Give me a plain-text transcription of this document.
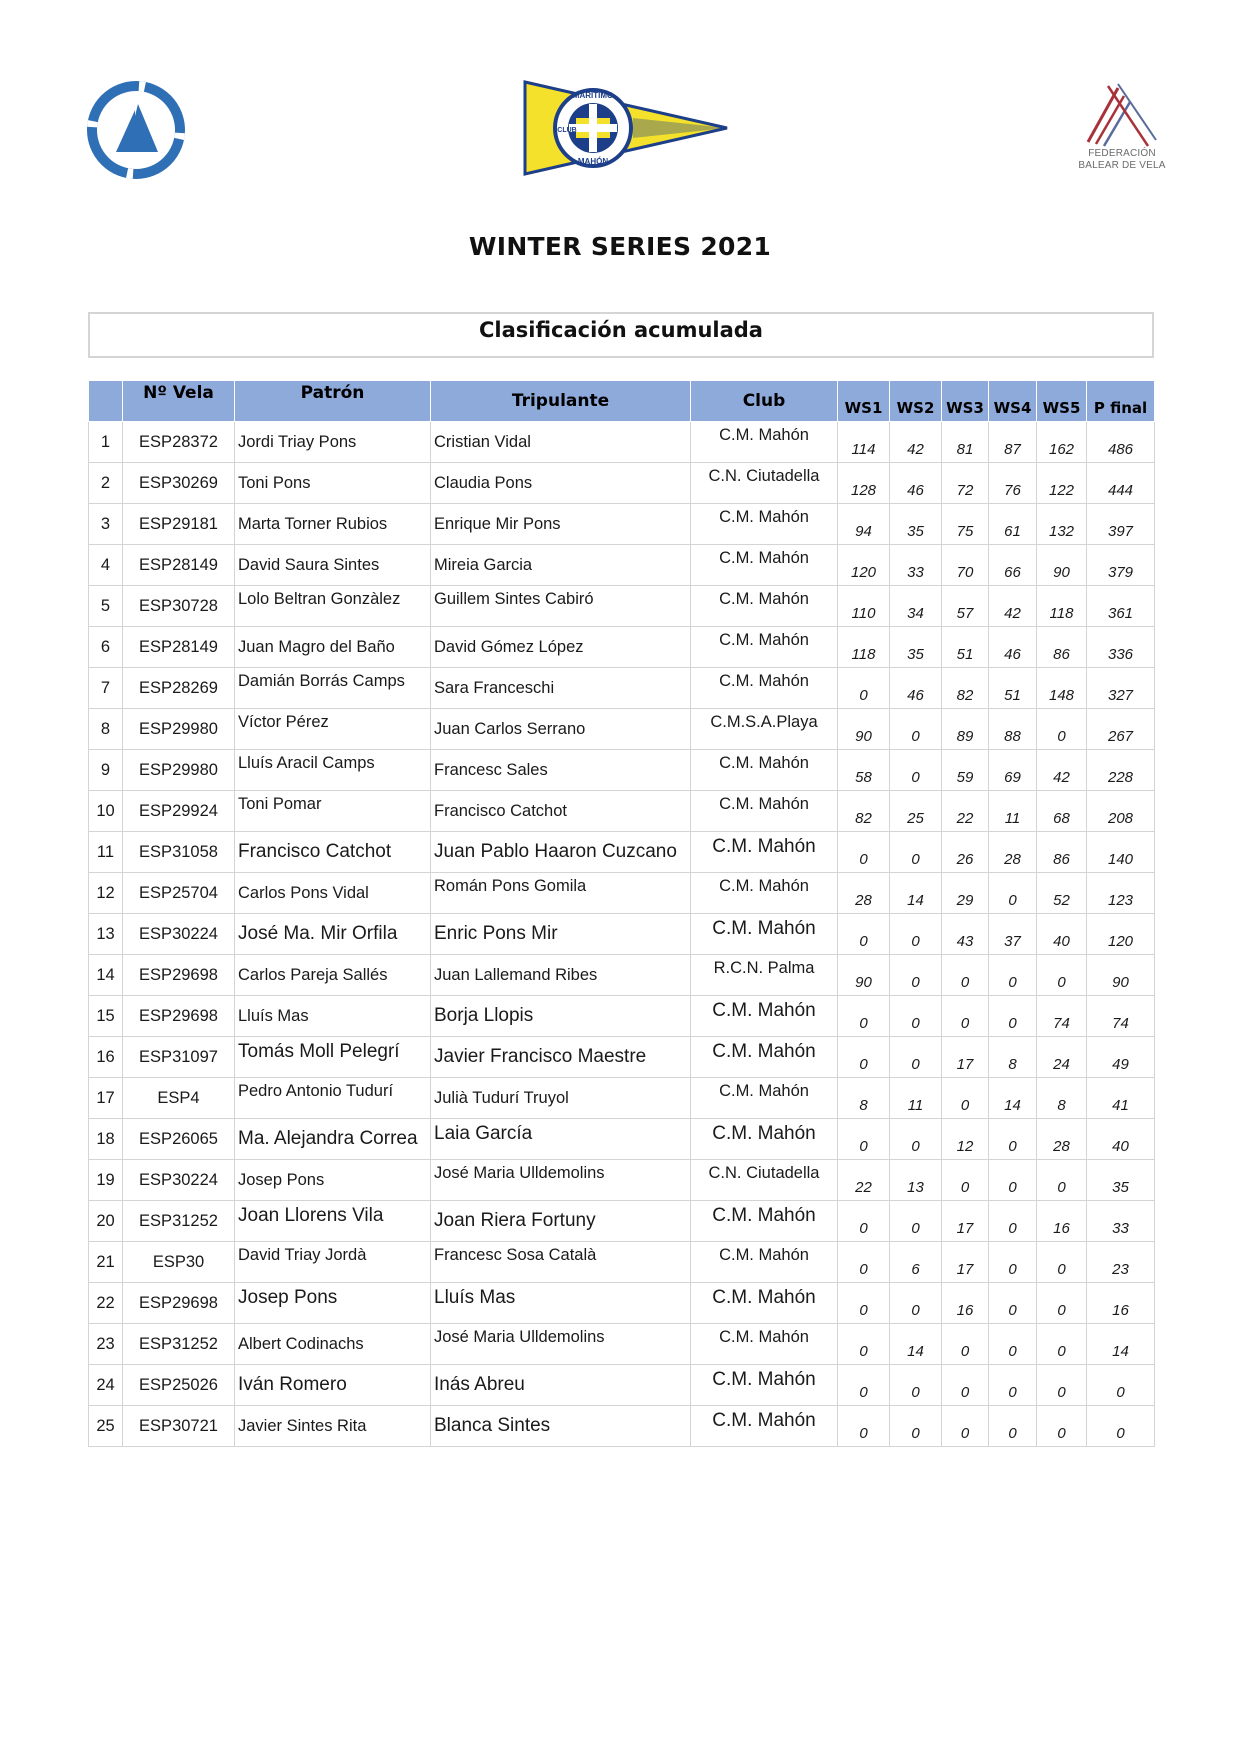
MARÍTIMO
CLUB
MAHÓN
FEDERACIÓN
BALEAR DE VELA
WINTER SERIES 2021
Clasificación acumulada
	Nº Vela	Patrón	Tripulante	Club	WS1	WS2	WS3	WS4	WS5	P final
1	ESP28372	Jordi Triay Pons	Cristian Vidal	C.M. Mahón	114	42	81	87	162	486
2	ESP30269	Toni Pons	Claudia Pons	C.N. Ciutadella	128	46	72	76	122	444
3	ESP29181	Marta Torner Rubios	Enrique Mir Pons	C.M. Mahón	94	35	75	61	132	397
4	ESP28149	David Saura Sintes	Mireia Garcia	C.M. Mahón	120	33	70	66	90	379
5	ESP30728	Lolo Beltran Gonzàlez	Guillem Sintes Cabiró	C.M. Mahón	110	34	57	42	118	361
6	ESP28149	Juan Magro del Baño	David Gómez López	C.M. Mahón	118	35	51	46	86	336
7	ESP28269	Damián Borrás Camps	Sara Franceschi	C.M. Mahón	0	46	82	51	148	327
8	ESP29980	Víctor Pérez	Juan Carlos Serrano	C.M.S.A.Playa	90	0	89	88	0	267
9	ESP29980	Lluís Aracil Camps	Francesc Sales	C.M. Mahón	58	0	59	69	42	228
10	ESP29924	Toni Pomar	Francisco Catchot	C.M. Mahón	82	25	22	11	68	208
11	ESP31058	Francisco Catchot	Juan Pablo Haaron Cuzcano	C.M. Mahón	0	0	26	28	86	140
12	ESP25704	Carlos Pons Vidal	Román Pons Gomila	C.M. Mahón	28	14	29	0	52	123
13	ESP30224	José Ma. Mir Orfila	Enric Pons Mir	C.M. Mahón	0	0	43	37	40	120
14	ESP29698	Carlos Pareja Sallés	Juan Lallemand Ribes	R.C.N. Palma	90	0	0	0	0	90
15	ESP29698	Lluís Mas	Borja Llopis	C.M. Mahón	0	0	0	0	74	74
16	ESP31097	Tomás Moll Pelegrí	Javier Francisco Maestre	C.M. Mahón	0	0	17	8	24	49
17	ESP4	Pedro Antonio Tudurí	Julià Tudurí Truyol	C.M. Mahón	8	11	0	14	8	41
18	ESP26065	Ma. Alejandra Correa	Laia García	C.M. Mahón	0	0	12	0	28	40
19	ESP30224	Josep Pons	José Maria Ulldemolins	C.N. Ciutadella	22	13	0	0	0	35
20	ESP31252	Joan Llorens Vila	Joan Riera Fortuny	C.M. Mahón	0	0	17	0	16	33
21	ESP30	David Triay Jordà	Francesc Sosa Català	C.M. Mahón	0	6	17	0	0	23
22	ESP29698	Josep Pons	Lluís Mas	C.M. Mahón	0	0	16	0	0	16
23	ESP31252	Albert Codinachs	José Maria Ulldemolins	C.M. Mahón	0	14	0	0	0	14
24	ESP25026	Iván Romero	Inás Abreu	C.M. Mahón	0	0	0	0	0	0
25	ESP30721	Javier Sintes Rita	Blanca Sintes	C.M. Mahón	0	0	0	0	0	0
